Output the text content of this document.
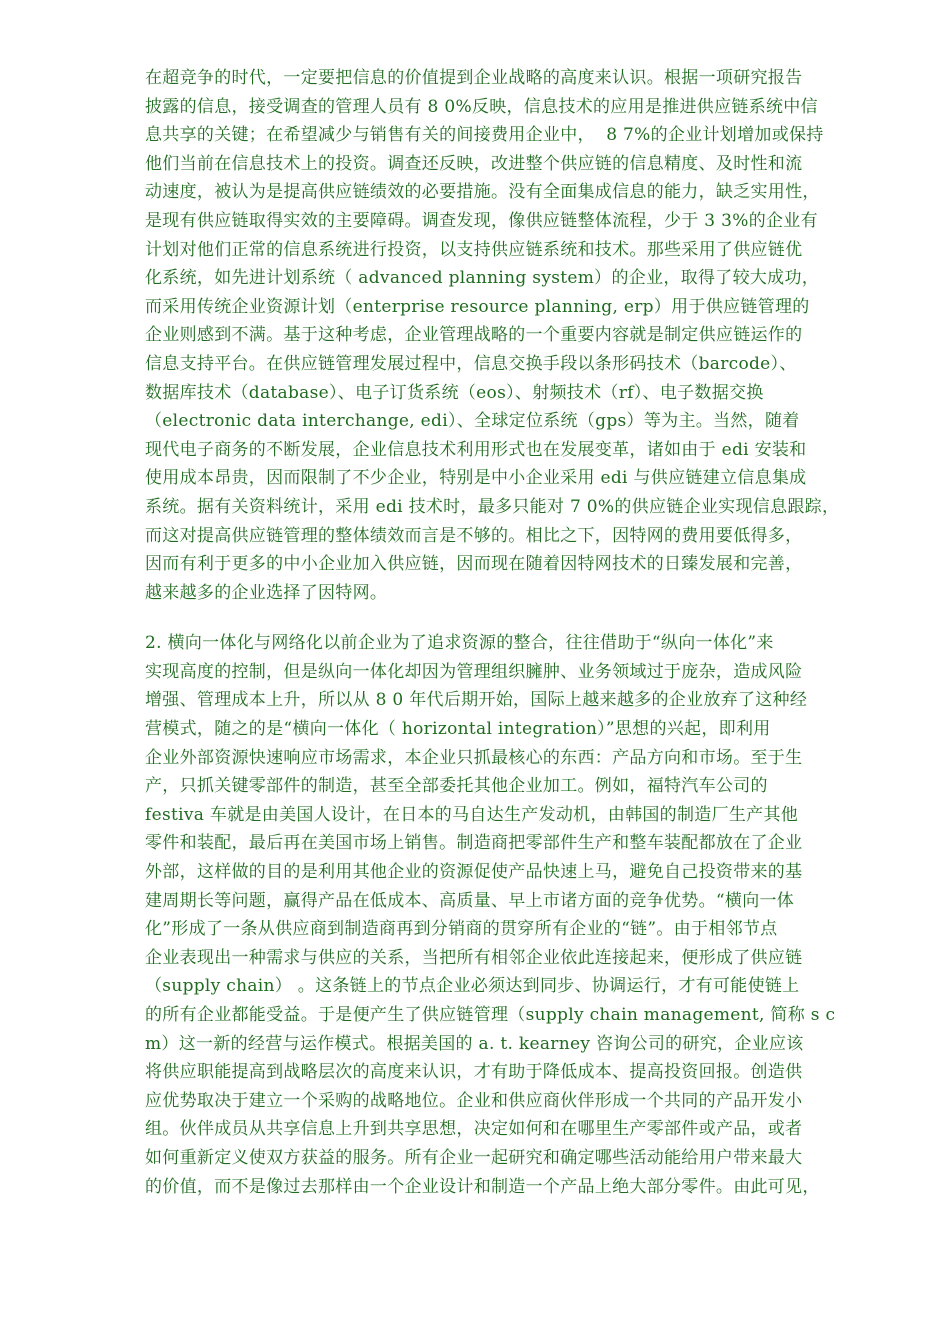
在超竞争的时代，一定要把信息的价值提到企业战略的高度来认识。根据一项研究报告
披露的信息，接受调查的管理人员有 8 0%反映，信息技术的应用是推进供应链系统中信
息共享的关键；在希望减少与销售有关的间接费用企业中，  8 7%的企业计划增加或保持
他们当前在信息技术上的投资。调查还反映，改进整个供应链的信息精度、及时性和流
动速度，被认为是提高供应链绩效的必要措施。没有全面集成信息的能力，缺乏实用性，
是现有供应链取得实效的主要障碍。调查发现，像供应链整体流程，少于 3 3%的企业有
计划对他们正常的信息系统进行投资，以支持供应链系统和技术。那些采用了供应链优
化系统，如先进计划系统（ advanced planning system）的企业，取得了较大成功，
而采用传统企业资源计划（enterprise resource planning, erp）用于供应链管理的
企业则感到不满。基于这种考虑，企业管理战略的一个重要内容就是制定供应链运作的
信息支持平台。在供应链管理发展过程中，信息交换手段以条形码技术（barcode）、
数据库技术（database）、电子订货系统（eos）、射频技术（rf）、电子数据交换
（electronic data interchange, edi）、全球定位系统（gps）等为主。当然，随着
现代电子商务的不断发展，企业信息技术利用形式也在发展变革，诸如由于 edi 安装和
使用成本昂贵，因而限制了不少企业，特别是中小企业采用 edi 与供应链建立信息集成
系统。据有关资料统计，采用 edi 技术时，最多只能对 7 0%的供应链企业实现信息跟踪，
而这对提高供应链管理的整体绩效而言是不够的。相比之下，因特网的费用要低得多，
因而有利于更多的中小企业加入供应链，因而现在随着因特网技术的日臻发展和完善，
越来越多的企业选择了因特网。
2. 横向一体化与网络化以前企业为了追求资源的整合，往往借助于“纵向一体化”来
实现高度的控制，但是纵向一体化却因为管理组织臃肿、业务领域过于庞杂，造成风险
增强、管理成本上升，所以从 8 0 年代后期开始，国际上越来越多的企业放弃了这种经
营模式，随之的是“横向一体化（ horizontal integration）”思想的兴起，即利用
企业外部资源快速响应市场需求，本企业只抓最核心的东西：产品方向和市场。至于生
产，只抓关键零部件的制造，甚至全部委托其他企业加工。例如，福特汽车公司的
festiva 车就是由美国人设计，在日本的马自达生产发动机，由韩国的制造厂生产其他
零件和装配，最后再在美国市场上销售。制造商把零部件生产和整车装配都放在了企业
外部，这样做的目的是利用其他企业的资源促使产品快速上马，避免自己投资带来的基
建周期长等问题，赢得产品在低成本、高质量、早上市诸方面的竞争优势。“横向一体
化”形成了一条从供应商到制造商再到分销商的贯穿所有企业的“链”。由于相邻节点
企业表现出一种需求与供应的关系，当把所有相邻企业依此连接起来，便形成了供应链
（supply chain） 。这条链上的节点企业必须达到同步、协调运行，才有可能使链上
的所有企业都能受益。于是便产生了供应链管理（supply chain management, 简称 s c
m）这一新的经营与运作模式。根据美国的 a. t. kearney 咨询公司的研究，企业应该
将供应职能提高到战略层次的高度来认识，才有助于降低成本、提高投资回报。创造供
应优势取决于建立一个采购的战略地位。企业和供应商伙伴形成一个共同的产品开发小
组。伙伴成员从共享信息上升到共享思想，决定如何和在哪里生产零部件或产品，或者
如何重新定义使双方获益的服务。所有企业一起研究和确定哪些活动能给用户带来最大
的价值，而不是像过去那样由一个企业设计和制造一个产品上绝大部分零件。由此可见，
